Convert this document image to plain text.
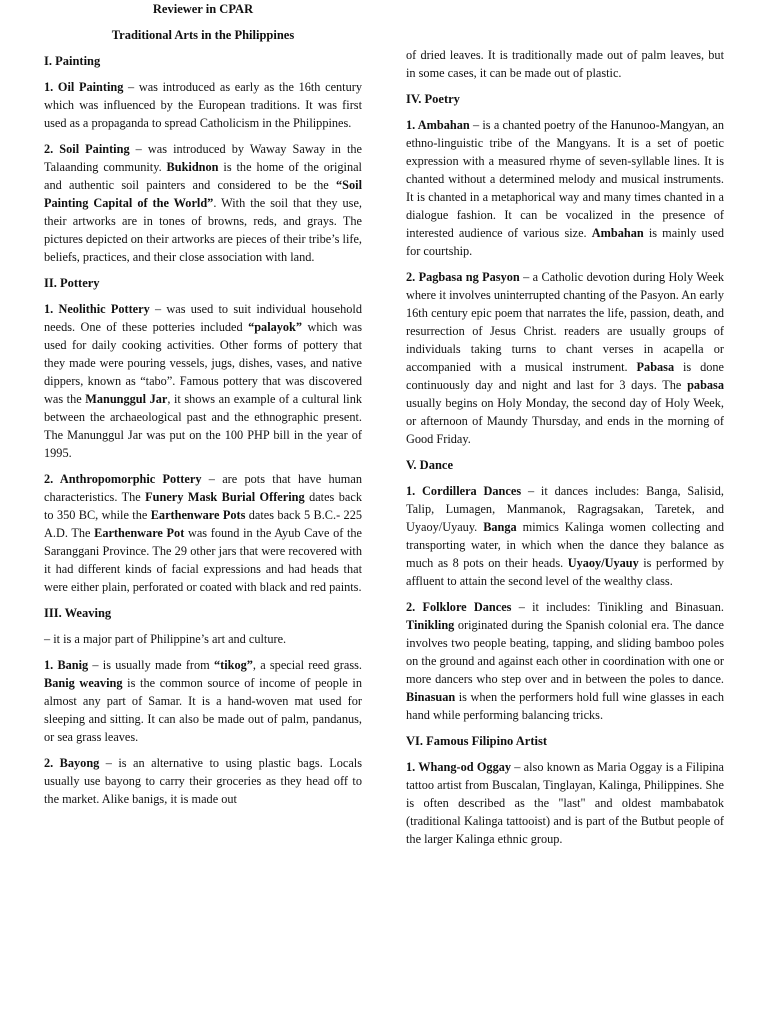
Reviewer in CPAR

Traditional Arts in the Philippines

I. Painting

1. Oil Painting – was introduced as early as the 16th century which was influenced by the European traditions. It was first used as a propaganda to spread Catholicism in the Philippines.

2. Soil Painting – was introduced by Waway Saway in the Talaanding community. Bukidnon is the home of the original and authentic soil painters and considered to be the “Soil Painting Capital of the World”. With the soil that they use, their artworks are in tones of browns, reds, and grays. The pictures depicted on their artworks are pieces of their tribe’s life, beliefs, practices, and their close association with land.

II. Pottery

1. Neolithic Pottery – was used to suit individual household needs. One of these potteries included “palayok” which was used for daily cooking activities. Other forms of pottery that they made were pouring vessels, jugs, dishes, vases, and native dippers, known as “tabo”. Famous pottery that was discovered was the Manunggul Jar, it shows an example of a cultural link between the archaeological past and the ethnographic present. The Manunggul Jar was put on the 100 PHP bill in the year of 1995.

2. Anthropomorphic Pottery – are pots that have human characteristics. The Funery Mask Burial Offering dates back to 350 BC, while the Earthenware Pots dates back 5 B.C.- 225 A.D. The Earthenware Pot was found in the Ayub Cave of the Saranggani Province. The 29 other jars that were recovered with it had different kinds of facial expressions and had heads that were either plain, perforated or coated with black and red paints.

III. Weaving

– it is a major part of Philippine’s art and culture.

1. Banig – is usually made from “tikog”, a special reed grass. Banig weaving is the common source of income of people in almost any part of Samar. It is a hand-woven mat used for sleeping and sitting. It can also be made out of palm, pandanus, or sea grass leaves.

2. Bayong – is an alternative to using plastic bags. Locals usually use bayong to carry their groceries as they head off to the market. Alike banigs, it is made out

of dried leaves. It is traditionally made out of palm leaves, but in some cases, it can be made out of plastic.

IV. Poetry

1. Ambahan – is a chanted poetry of the Hanunoo-Mangyan, an ethno-linguistic tribe of the Mangyans. It is a set of poetic expression with a measured rhyme of seven-syllable lines. It is chanted without a determined melody and musical instruments. It is chanted in a metaphorical way and many times chanted in a dialogue fashion. It can be vocalized in the presence of interested audience of various size. Ambahan is mainly used for courtship.

2. Pagbasa ng Pasyon – a Catholic devotion during Holy Week where it involves uninterrupted chanting of the Pasyon. An early 16th century epic poem that narrates the life, passion, death, and resurrection of Jesus Christ. readers are usually groups of individuals taking turns to chant verses in acapella or accompanied with a musical instrument. Pabasa is done continuously day and night and last for 3 days. The pabasa usually begins on Holy Monday, the second day of Holy Week, or afternoon of Maundy Thursday, and ends in the morning of Good Friday.

V. Dance

1. Cordillera Dances – it dances includes: Banga, Salisid, Talip, Lumagen, Manmanok, Ragragsakan, Taretek, and Uyaoy/Uyauy. Banga mimics Kalinga women collecting and transporting water, in which when the dance they balance as much as 8 pots on their heads. Uyaoy/Uyauy is performed by affluent to attain the second level of the wealthy class.

2. Folklore Dances – it includes: Tinikling and Binasuan. Tinikling originated during the Spanish colonial era. The dance involves two people beating, tapping, and sliding bamboo poles on the ground and against each other in coordination with one or more dancers who step over and in between the poles to dance. Binasuan is when the performers hold full wine glasses in each hand while performing balancing tricks.

VI. Famous Filipino Artist

1. Whang-od Oggay – also known as Maria Oggay is a Filipina tattoo artist from Buscalan, Tinglayan, Kalinga, Philippines. She is often described as the "last" and oldest mambabatok (traditional Kalinga tattooist) and is part of the Butbut people of the larger Kalinga ethnic group.
